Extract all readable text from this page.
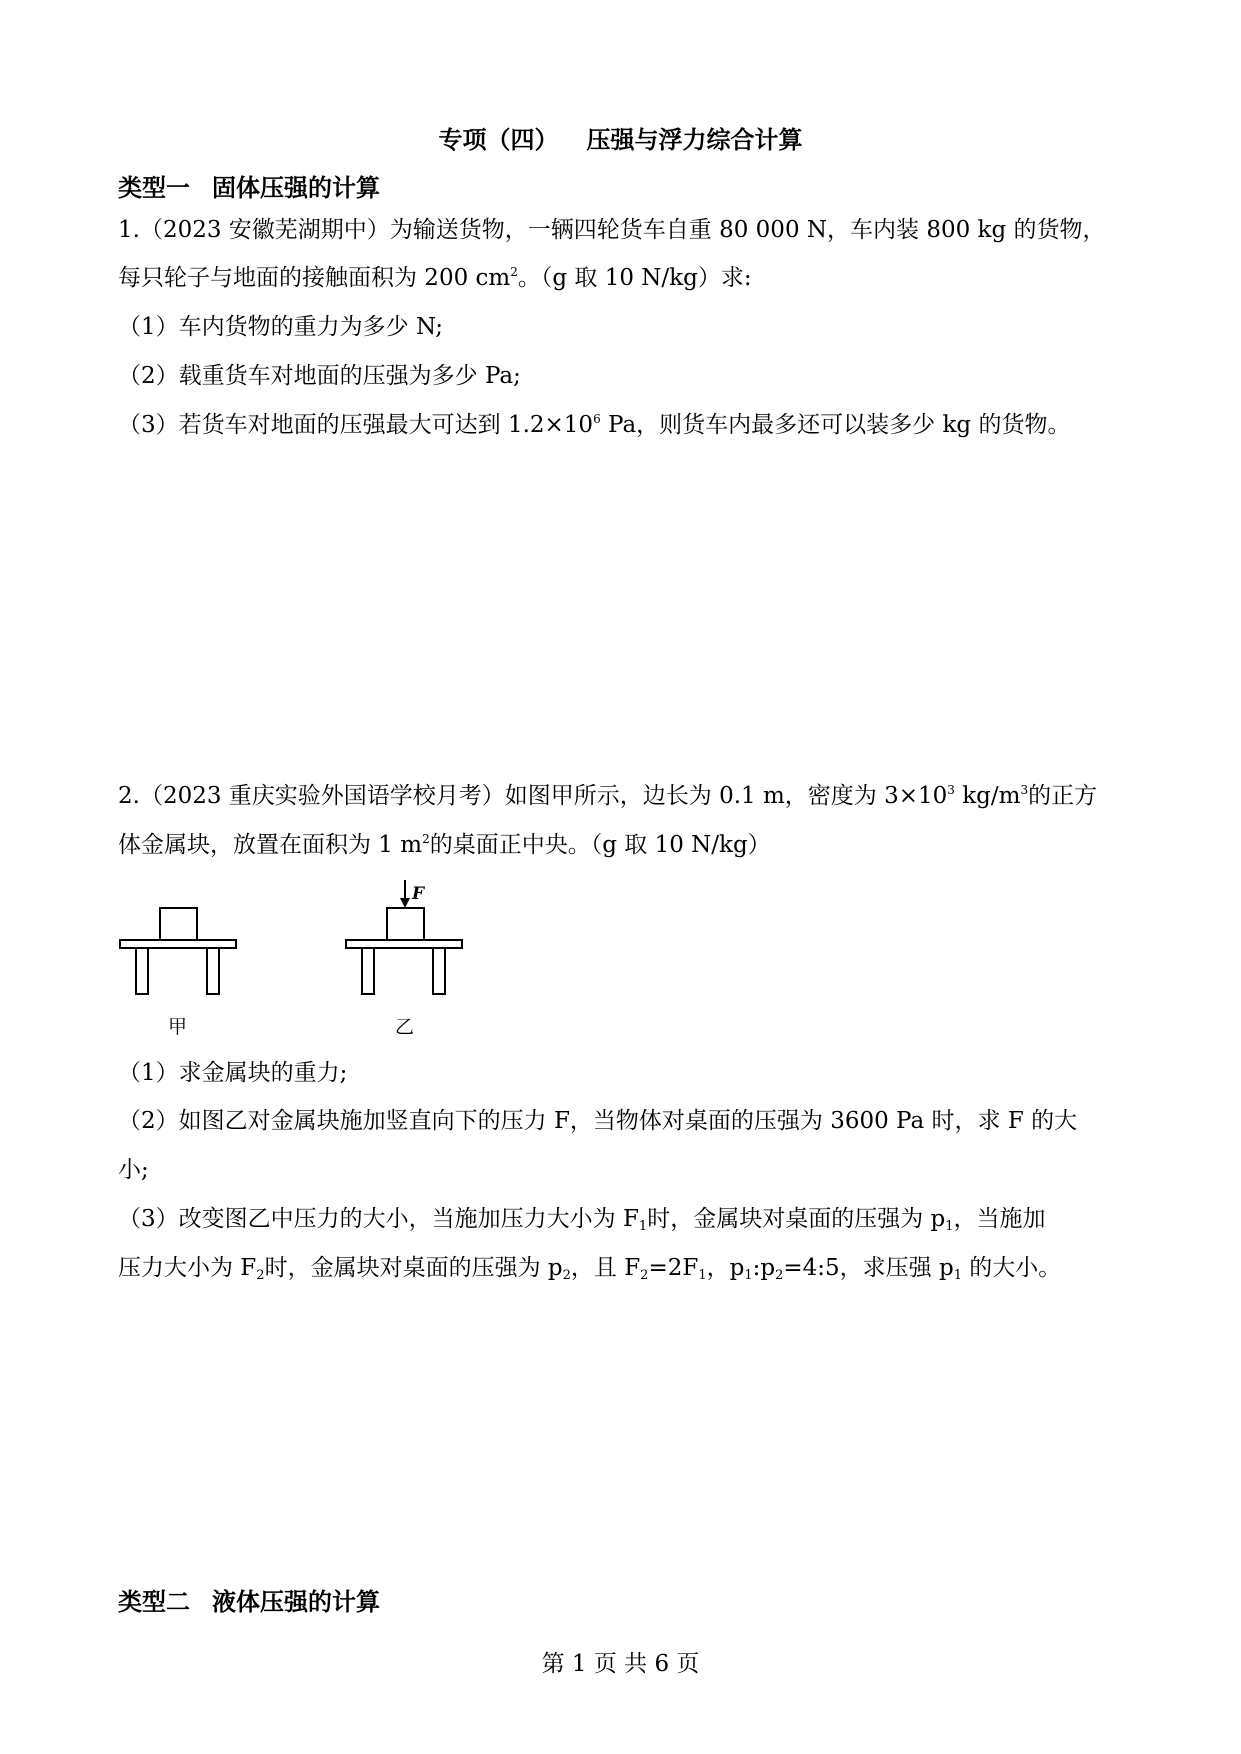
专项（四） 压强与浮力综合计算
类型一 固体压强的计算
1.（2023 安徽芜湖期中）为输送货物，一辆四轮货车自重 80 000 N，车内装 800 kg 的货物，
每只轮子与地面的接触面积为 200 $cm^2$。（g 取 10 N/kg）求:
（1）车内货物的重力为多少 N;
（2）载重货车对地面的压强为多少 Pa;
（3）若货车对地面的压强最大可达到 $1.2\times 10^6$ Pa，则货车内最多还可以装多少 kg 的货物。
2.（2023 重庆实验外国语学校月考）如图甲所示，边长为 0.1 m，密度为 $3\times 10^3$ $kg/m^3$的正方
体金属块，放置在面积为 1 $m^2$的桌面正中央。（g 取 10 N/kg）
甲
F
乙
（1）求金属块的重力;
（2）如图乙对金属块施加竖直向下的压力 F，当物体对桌面的压强为 3600 Pa 时，求 F 的大
小;
（3）改变图乙中压力的大小，当施加压力大小为 $F_1$时，金属块对桌面的压强为 $p_1$，当施加
压力大小为 $F_2$时，金属块对桌面的压强为 $p_2$，且 $F_2=2F_1$，$p_1:p_2=4:5$，求压强 $p_1$ 的大小。
类型二 液体压强的计算
第 1 页 共 6 页
